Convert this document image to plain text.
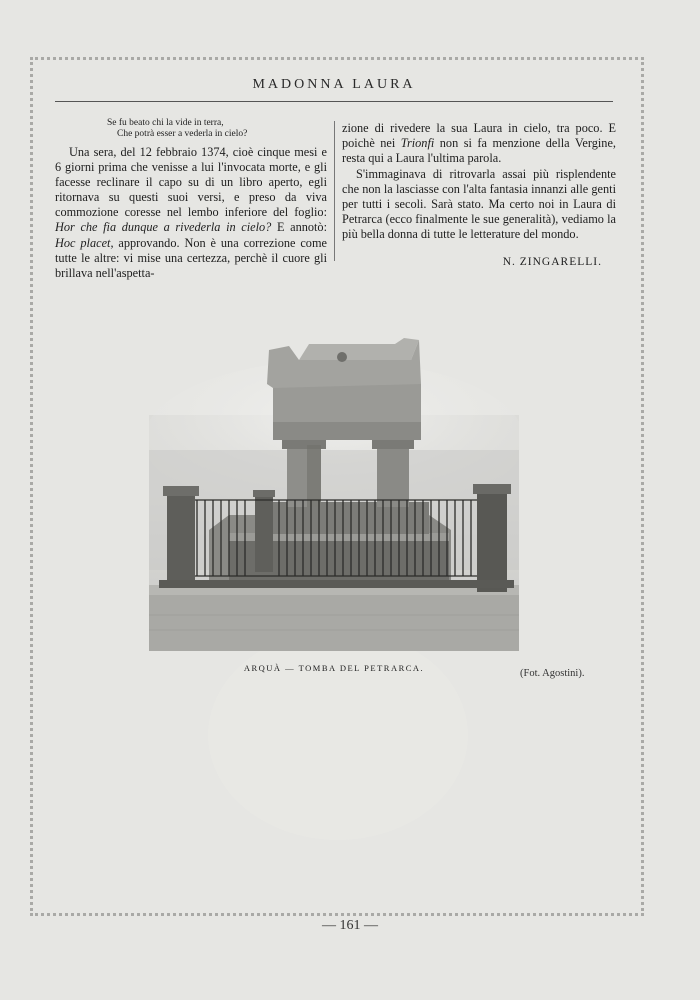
MADONNA LAURA
Se fu beato chi la vide in terra,
Che potrà esser a vederla in cielo?

Una sera, del 12 febbraio 1374, cioè cinque mesi e 6 giorni prima che venisse a lui l'invocata morte, e gli facesse reclinare il capo su di un libro aperto, egli ritornava su questi suoi versi, e preso da viva commozione coresse nel lembo inferiore del foglio: Hor che fia dunque a rivederla in cielo? E annotò: Hoc placet, approvando. Non è una correzione come tutte le altre: vi mise una certezza, perchè il cuore gli brillava nell'aspetta-

zione di rivedere la sua Laura in cielo, tra poco. E poichè nei Trionfi non si fa menzione della Vergine, resta qui a Laura l'ultima parola.

S'immaginava di ritrovarla assai più risplendente che non la lasciasse con l'alta fantasia innanzi alle genti per tutti i secoli. Sarà stato. Ma certo noi in Laura di Petrarca (ecco finalmente le sue generalità), vediamo la più bella donna di tutte le letterature del mondo.

N. ZINGARELLI.
ARQUÀ — TOMBA DEL PETRARCA.	(Fot. Agostini).
— 161 —
